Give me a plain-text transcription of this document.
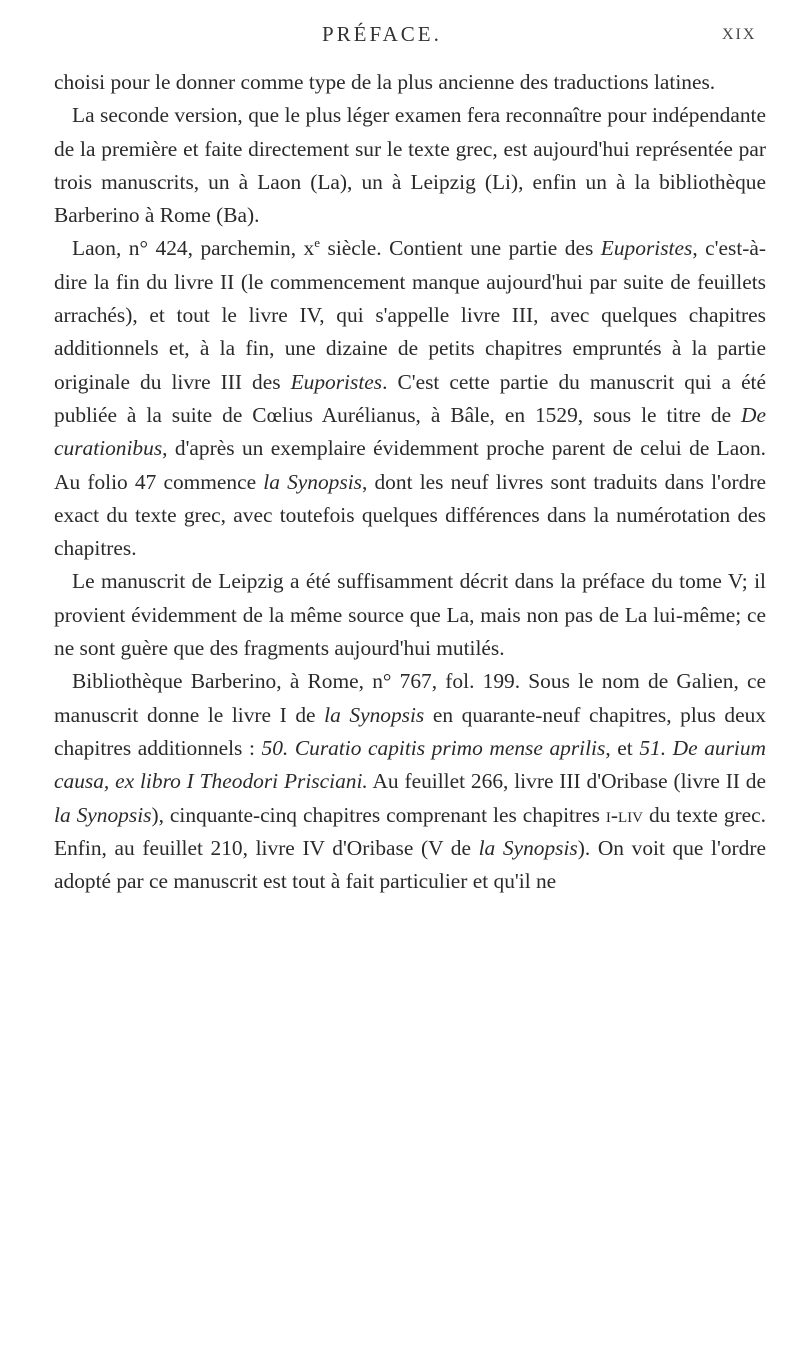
PRÉFACE.	XIX

choisi pour le donner comme type de la plus ancienne des traductions latines.

La seconde version, que le plus léger examen fera reconnaître pour indépendante de la première et faite directement sur le texte grec, est aujourd'hui représentée par trois manuscrits, un à Laon (La), un à Leipzig (Li), enfin un à la bibliothèque Barberino à Rome (Ba).

Laon, n° 424, parchemin, $x^e$ siècle. Contient une partie des Euporistes, c'est-à-dire la fin du livre II (le commencement manque aujourd'hui par suite de feuillets arrachés), et tout le livre IV, qui s'appelle livre III, avec quelques chapitres additionnels et, à la fin, une dizaine de petits chapitres empruntés à la partie originale du livre III des Euporistes. C'est cette partie du manuscrit qui a été publiée à la suite de Cœlius Aurélianus, à Bâle, en 1529, sous le titre de De curationibus, d'après un exemplaire évidemment proche parent de celui de Laon. Au folio 47 commence la Synopsis, dont les neuf livres sont traduits dans l'ordre exact du texte grec, avec toutefois quelques différences dans la numérotation des chapitres.

Le manuscrit de Leipzig a été suffisamment décrit dans la préface du tome V; il provient évidemment de la même source que La, mais non pas de La lui-même; ce ne sont guère que des fragments aujourd'hui mutilés.

Bibliothèque Barberino, à Rome, n° 767, fol. 199. Sous le nom de Galien, ce manuscrit donne le livre I de la Synopsis en quarante-neuf chapitres, plus deux chapitres additionnels : 50. Curatio capitis primo mense aprilis, et 51. De aurium causa, ex libro I Theodori Prisciani. Au feuillet 266, livre III d'Oribase (livre II de la Synopsis), cinquante-cinq chapitres comprenant les chapitres i-liv du texte grec. Enfin, au feuillet 210, livre IV d'Oribase (V de la Synopsis). On voit que l'ordre adopté par ce manuscrit est tout à fait particulier et qu'il ne
